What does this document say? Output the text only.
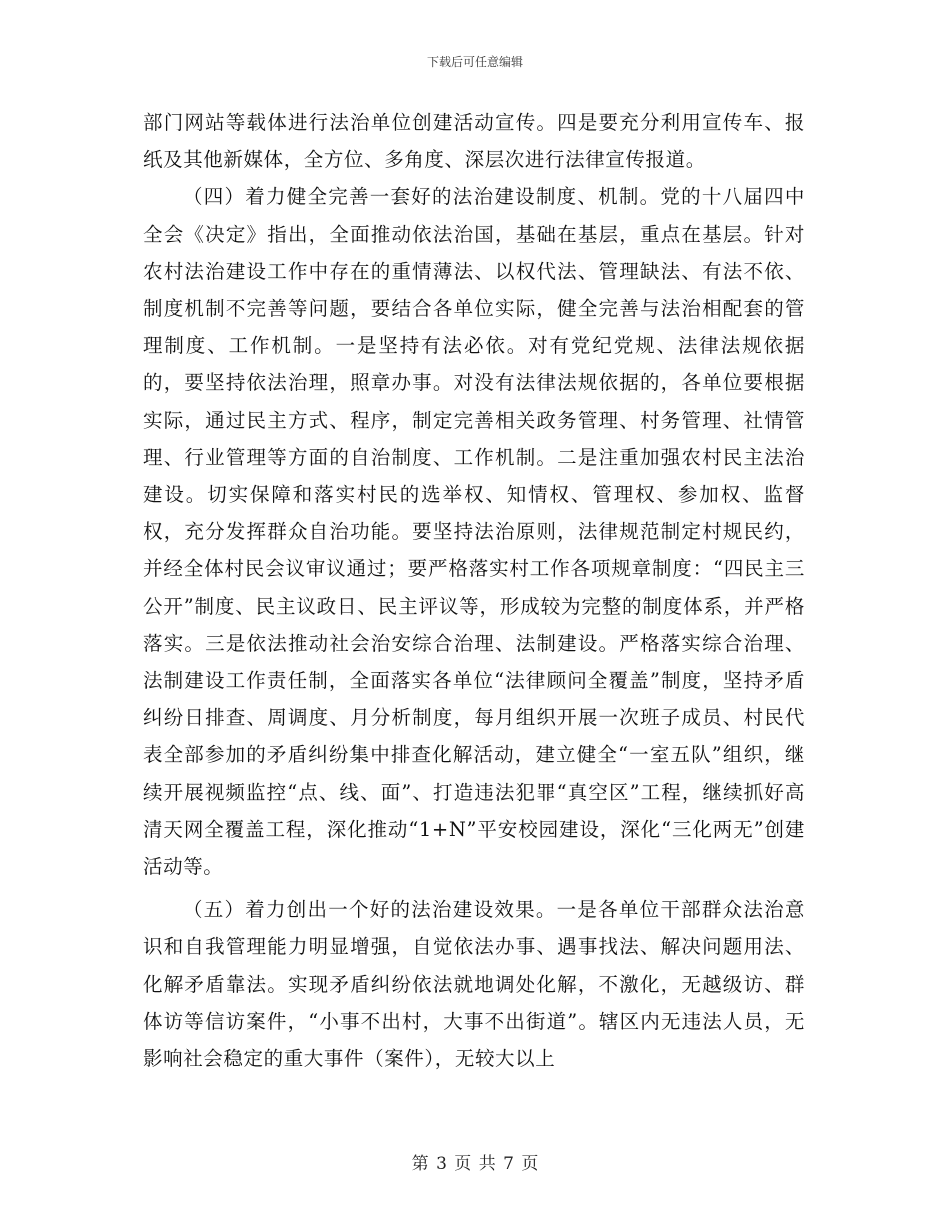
下载后可任意编辑

部门网站等载体进行法治单位创建活动宣传。四是要充分利用宣传车、报纸及其他新媒体，全方位、多角度、深层次进行法律宣传报道。

（四）着力健全完善一套好的法治建设制度、机制。党的十八届四中全会《决定》指出，全面推动依法治国，基础在基层，重点在基层。针对农村法治建设工作中存在的重情薄法、以权代法、管理缺法、有法不依、制度机制不完善等问题，要结合各单位实际，健全完善与法治相配套的管理制度、工作机制。一是坚持有法必依。对有党纪党规、法律法规依据的，要坚持依法治理，照章办事。对没有法律法规依据的，各单位要根据实际，通过民主方式、程序，制定完善相关政务管理、村务管理、社情管理、行业管理等方面的自治制度、工作机制。二是注重加强农村民主法治建设。切实保障和落实村民的选举权、知情权、管理权、参加权、监督权，充分发挥群众自治功能。要坚持法治原则，法律规范制定村规民约，并经全体村民会议审议通过；要严格落实村工作各项规章制度：“四民主三公开”制度、民主议政日、民主评议等，形成较为完整的制度体系，并严格落实。三是依法推动社会治安综合治理、法制建设。严格落实综合治理、法制建设工作责任制，全面落实各单位“法律顾问全覆盖”制度，坚持矛盾纠纷日排查、周调度、月分析制度，每月组织开展一次班子成员、村民代表全部参加的矛盾纠纷集中排查化解活动，建立健全“一室五队”组织，继续开展视频监控“点、线、面”、打造违法犯罪“真空区”工程，继续抓好高清天网全覆盖工程，深化推动“1+N”平安校园建设，深化“三化两无”创建活动等。

（五）着力创出一个好的法治建设效果。一是各单位干部群众法治意识和自我管理能力明显增强，自觉依法办事、遇事找法、解决问题用法、化解矛盾靠法。实现矛盾纠纷依法就地调处化解，不激化，无越级访、群体访等信访案件，“小事不出村，大事不出街道”。辖区内无违法人员，无影响社会稳定的重大事件（案件），无较大以上

第 3 页 共 7 页
